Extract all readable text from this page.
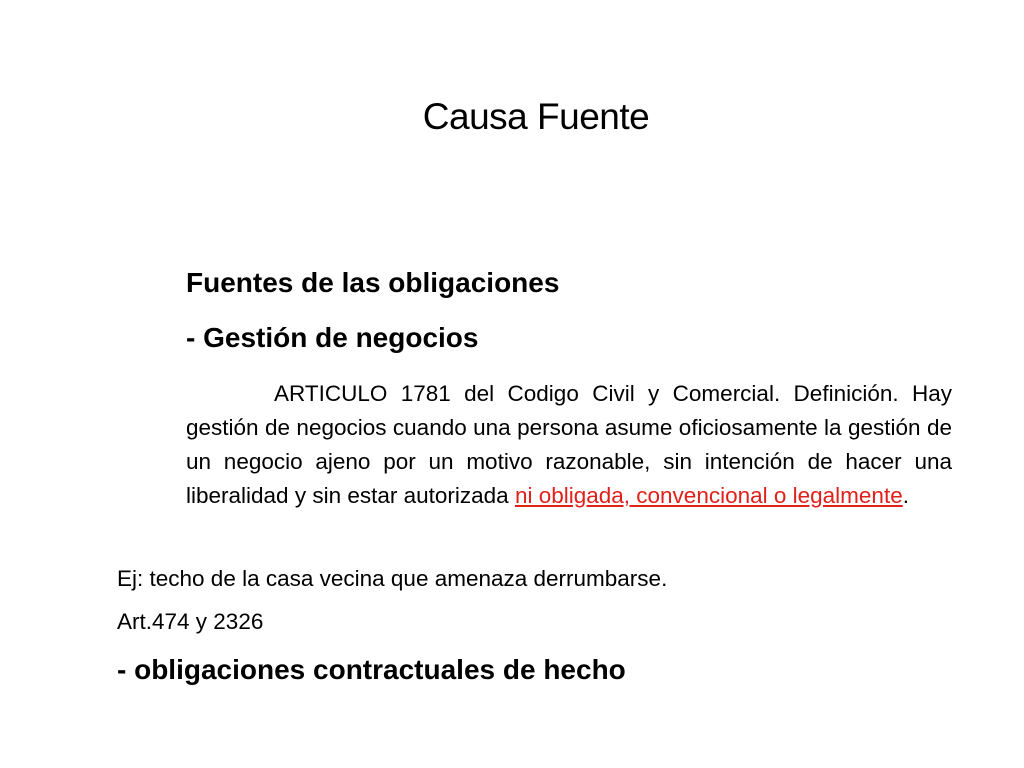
Causa Fuente
Fuentes de las obligaciones
- Gestión de negocios
ARTICULO 1781 del Codigo Civil y Comercial. Definición. Hay gestión de negocios cuando una persona asume oficiosamente la gestión de un negocio ajeno por un motivo razonable, sin intención de hacer una liberalidad y sin estar autorizada ni obligada, convencional o legalmente.
Ej: techo de la casa vecina que amenaza derrumbarse.
Art.474 y 2326
- obligaciones contractuales de hecho
